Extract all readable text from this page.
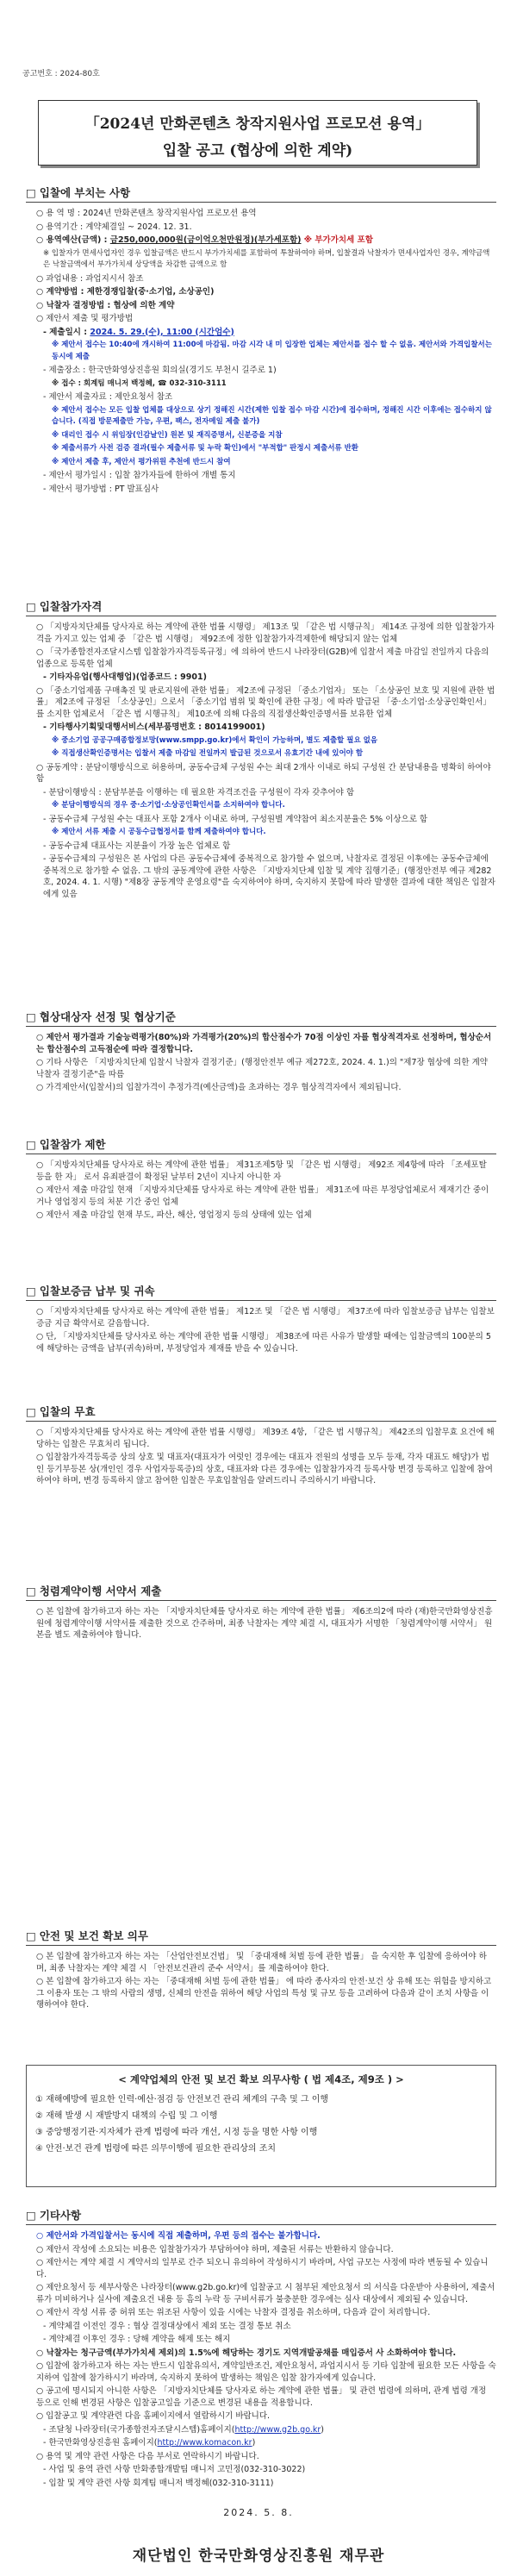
공고번호 : 2024-80호
「2024년 만화콘텐츠 창작지원사업 프로모션 용역」
입찰 공고 (협상에 의한 계약)
□ 입찰에 부치는 사항
○ 용 역 명 : 2024년 만화콘텐츠 창작지원사업 프로모션 용역
○ 용역기간 : 계약체결일 ~ 2024. 12. 31.
○ 용역예산(금액) : 금250,000,000원(금이억오천만원정)(부가세포함) ※ 부가가치세 포함
※ 입찰자가 면세사업자인 경우 입찰금액은 반드시 부가가치세를 포함하여 투찰하여야 하며, 입찰결과 낙찰자가 면세사업자인 경우, 계약금액은 낙찰금액에서 부가가치세 상당액을 차감한 금액으로 함
○ 과업내용 : 과업지시서 참조
○ 계약방법 : 제한경쟁입찰(중·소기업, 소상공인)
○ 낙찰자 결정방법 : 협상에 의한 계약
○ 제안서 제출 및 평가방법
- 제출일시 : 2024. 5. 29.(수), 11:00 (시간엄수)
※ 제안서 접수는 10:40에 개시하여 11:00에 마감됨. 마감 시각 내 미 입장한 업체는 제안서를 접수 할 수 없음. 제안서와 가격입찰서는 동시에 제출
- 제출장소 : 한국만화영상진흥원 회의실(경기도 부천시 길주로 1)
※ 접수 : 회계팀 매니저 백정혜, ☎ 032-310-3111
- 제안서 제출자료 : 제안요청서 참조
※ 제안서 접수는 모든 입찰 업체를 대상으로 상기 정해진 시간(제한 입찰 접수 마감 시간)에 접수하며, 정해진 시간 이후에는 접수하지 않습니다. (직접 방문제출만 가능, 우편, 팩스, 전자메일 제출 불가)
※ 대리인 접수 시 위임장(인감날인) 원본 및 재직증명서, 신분증을 지참
※ 제출서류가 사전 검증 결과(필수 제출서류 및 누락 확인)에서 "부적합" 판정시 제출서류 반환
※ 제안서 제출 후, 제안서 평가위원 추천에 반드시 참여
- 제안서 평가일시 : 입찰 참가자들에 한하여 개별 통지
- 제안서 평가방법 : PT 발표심사
□ 입찰참가자격
○ 「지방자치단체를 당사자로 하는 계약에 관한 법률 시행령」 제13조 및 「같은 법 시행규칙」 제14조 규정에 의한 입찰참가자격을 가지고 있는 업체 중 「같은 법 시행령」 제92조에 정한 입찰참가자격제한에 해당되지 않는 업체
○ 「국가종합전자조달시스템 입찰참가자격등록규정」에 의하여 반드시 나라장터(G2B)에 입찰서 제출 마감일 전일까지 다음의 업종으로 등록한 업체
- 기타자유업(행사대행업)(업종코드 : 9901)
○ 「중소기업제품 구매촉진 및 판로지원에 관한 법률」 제2조에 규정된 「중소기업자」 또는 「소상공인 보호 및 지원에 관한 법률」 제2조에 규정된 「소상공인」으로서 「중소기업 범위 및 확인에 관한 규정」에 따라 발급된 「중·소기업·소상공인확인서」를 소지한 업체로서 「같은 법 시행규칙」 제10조에 의해 다음의 직접생산확인증명서를 보유한 업체
- 기타행사기획및대행서비스(세부품명번호 : 8014199001)
※ 중소기업 공공구매종합정보망(www.smpp.go.kr)에서 확인이 가능하며, 별도 제출할 필요 없음
※ 직접생산확인증명서는 입찰서 제출 마감일 전일까지 발급된 것으로서 유효기간 내에 있어야 함
○ 공동계약 : 분담이행방식으로 허용하며, 공동수급체 구성원 수는 최대 2개사 이내로 하되 구성원 간 분담내용을 명확히 하여야 함
- 분담이행방식 : 분담부분을 이행하는 데 필요한 자격조건을 구성원이 각자 갖추어야 함
※ 분담이행방식의 경우 중·소기업·소상공인확인서를 소지하여야 합니다.
- 공동수급체 구성원 수는 대표사 포함 2개사 이내로 하며, 구성원별 계약참여 최소지분율은 5% 이상으로 함
※ 제안서 서류 제출 시 공동수급협정서를 함께 제출하여야 합니다.
- 공동수급체 대표사는 지분율이 가장 높은 업체로 함
- 공동수급체의 구성원은 본 사업의 다른 공동수급체에 중복적으로 참가할 수 없으며, 낙찰자로 결정된 이후에는 공동수급체에 중복적으로 참가할 수 없음. 그 밖의 공동계약에 관한 사항은 「지방자치단체 입찰 및 계약 집행기준」(행정안전부 예규 제282호, 2024. 4. 1. 시행) "제8장 공동계약 운영요령"을 숙지하여야 하며, 숙지하지 못함에 따라 발생한 결과에 대한 책임은 입찰자에게 있음
□ 협상대상자 선정 및 협상기준
○ 제안서 평가결과 기술능력평가(80%)와 가격평가(20%)의 합산점수가 70점 이상인 자를 협상적격자로 선정하며, 협상순서는 합산점수의 고득점순에 따라 결정합니다.
○ 기타 사항은 「지방자치단체 입찰시 낙찰자 결정기준」(행정안전부 예규 제272호, 2024. 4. 1.)의 "제7장 협상에 의한 계약 낙찰자 결정기준"을 따름
○ 가격제안서(입찰서)의 입찰가격이 추정가격(예산금액)을 초과하는 경우 협상적격자에서 제외됩니다.
□ 입찰참가 제한
○ 「지방자치단체를 당사자로 하는 계약에 관한 법률」 제31조제5항 및 「같은 법 시행령」 제92조 제4항에 따라 「조세포탈 등을 한 자」 로서 유죄판결이 확정된 날부터 2년이 지나지 아니한 자
○ 제안서 제출 마감일 현재 「지방자치단체를 당사자로 하는 계약에 관한 법률」 제31조에 따른 부정당업체로서 제재기간 중이거나 영업정지 등의 처분 기간 중인 업체
○ 제안서 제출 마감일 현재 부도, 파산, 해산, 영업정지 등의 상태에 있는 업체
□ 입찰보증금 납부 및 귀속
○ 「지방자치단체를 당사자로 하는 계약에 관한 법률」 제12조 및 「같은 법 시행령」 제37조에 따라 입찰보증금 납부는 입찰보증금 지급 확약서로 갈음합니다.
○ 단, 「지방자치단체를 당사자로 하는 계약에 관한 법률 시행령」 제38조에 따른 사유가 발생할 때에는 입찰금액의 100분의 5에 해당하는 금액을 납부(귀속)하며, 부정당업자 제재를 받을 수 있습니다.
□ 입찰의 무효
○ 「지방자치단체를 당사자로 하는 계약에 관한 법률 시행령」 제39조 4항, 「같은 법 시행규칙」 제42조의 입찰무효 요건에 해당하는 입찰은 무효처리 됩니다.
○ 입찰참가자격등록증 상의 상호 및 대표자(대표자가 여럿인 경우에는 대표자 전원의 성명을 모두 등재, 각자 대표도 해당)가 법인 등기부등본 상(개인인 경우 사업자등록증)의 상호, 대표자와 다른 경우에는 입찰참가자격 등록사항 변경 등록하고 입찰에 참여하여야 하며, 변경 등록하지 않고 참여한 입찰은 무효입찰임을 알려드리니 주의하시기 바랍니다.
□ 청렴계약이행 서약서 제출
○ 본 입찰에 참가하고자 하는 자는 「지방자치단체를 당사자로 하는 계약에 관한 법률」 제6조의2에 따라 (재)한국만화영상진흥원에 청렴계약이행 서약서를 제출한 것으로 간주하며, 최종 낙찰자는 계약 체결 시, 대표자가 서명한 「청렴계약이행 서약서」 원본을 별도 제출하여야 합니다.
□ 안전 및 보건 확보 의무
○ 본 입찰에 참가하고자 하는 자는 「산업안전보건법」 및 「중대재해 처벌 등에 관한 법률」 을 숙지한 후 입찰에 응하여야 하며, 최종 낙찰자는 계약 체결 시 「안전보건관리 준수 서약서」를 제출하여야 한다.
○ 본 입찰에 참가하고자 하는 자는 「중대재해 처벌 등에 관한 법률」 에 따라 종사자의 안전·보건 상 유해 또는 위험을 방지하고 그 이용자 또는 그 밖의 사람의 생명, 신체의 안전을 위하여 해당 사업의 특성 및 규모 등을 고려하여 다음과 같이 조치 사항을 이행하여야 한다.
< 계약업체의 안전 및 보건 확보 의무사항 ( 법 제4조, 제9조 ) >
① 재해예방에 필요한 인력·예산·점검 등 안전보건 관리 체계의 구축 및 그 이행
② 재해 발생 시 재발방지 대책의 수립 및 그 이행
③ 중앙행정기관·지자체가 관계 법령에 따라 개선, 시정 등을 명한 사항 이행
④ 안전·보건 관계 법령에 따른 의무이행에 필요한 관리상의 조치
□ 기타사항
○ 제안서와 가격입찰서는 동시에 직접 제출하며, 우편 등의 접수는 불가합니다.
○ 제안서 작성에 소요되는 비용은 입찰참가자가 부담하여야 하며, 제출된 서류는 반환하지 않습니다.
○ 제안서는 계약 체결 시 계약서의 일부로 간주 되오니 유의하여 작성하시기 바라며, 사업 규모는 사정에 따라 변동될 수 있습니다.
○ 제안요청서 등 세부사항은 나라장터(www.g2b.go.kr)에 입찰공고 시 첨부된 제안요청서 의 서식을 다운받아 사용하여, 제출서류가 미비하거나 실사에 제출요건 내용 등 흠의 누락 등 구비서류가 불충분한 경우에는 심사 대상에서 제외될 수 있습니다.
○ 제안서 작성 서류 중 허위 또는 위조된 사항이 있을 시에는 낙찰자 결정을 취소하며, 다음과 같이 처리합니다.
- 계약체결 이전인 경우 : 협상 결정대상에서 제외 또는 결정 통보 취소
- 계약체결 이후인 경우 : 당해 계약을 해제 또는 해지
○ 낙찰자는 청구금액(부가가치세 제외)의 1.5%에 해당하는 경기도 지역개발공채를 매입증서 사 소화하여야 합니다.
○ 입찰에 참가하고자 하는 자는 반드시 입찰유의서, 계약일반조건, 제안요청서, 과업지시서 등 기타 입찰에 필요한 모든 사항을 숙지하여 입찰에 참가하시기 바라며, 숙지하지 못하여 발생하는 책임은 입찰 참가자에게 있습니다.
○ 공고에 명시되지 아니한 사항은 「지방자치단체를 당사자로 하는 계약에 관한 법률」 및 관련 법령에 의하며, 관계 법령 개정 등으로 인해 변경된 사항은 입찰공고일을 기준으로 변경된 내용을 적용합니다.
○ 입찰공고 및 계약관련 다음 홈페이지에서 열람하시기 바랍니다.
- 조달청 나라장터(국가종합전자조달시스템)홈페이지(http://www.g2b.go.kr)
- 한국만화영상진흥원 홈페이지(http://www.komacon.kr)
○ 용역 및 계약 관련 사항은 다음 부서로 연락하시기 바랍니다.
- 사업 및 용역 관련 사항 만화종합개발팀 매니저 고민정(032-310-3022)
- 입찰 및 계약 관련 사항 회계팀 매니저 백정혜(032-310-3111)
2024. 5. 8.
재단법인 한국만화영상진흥원 재무관
